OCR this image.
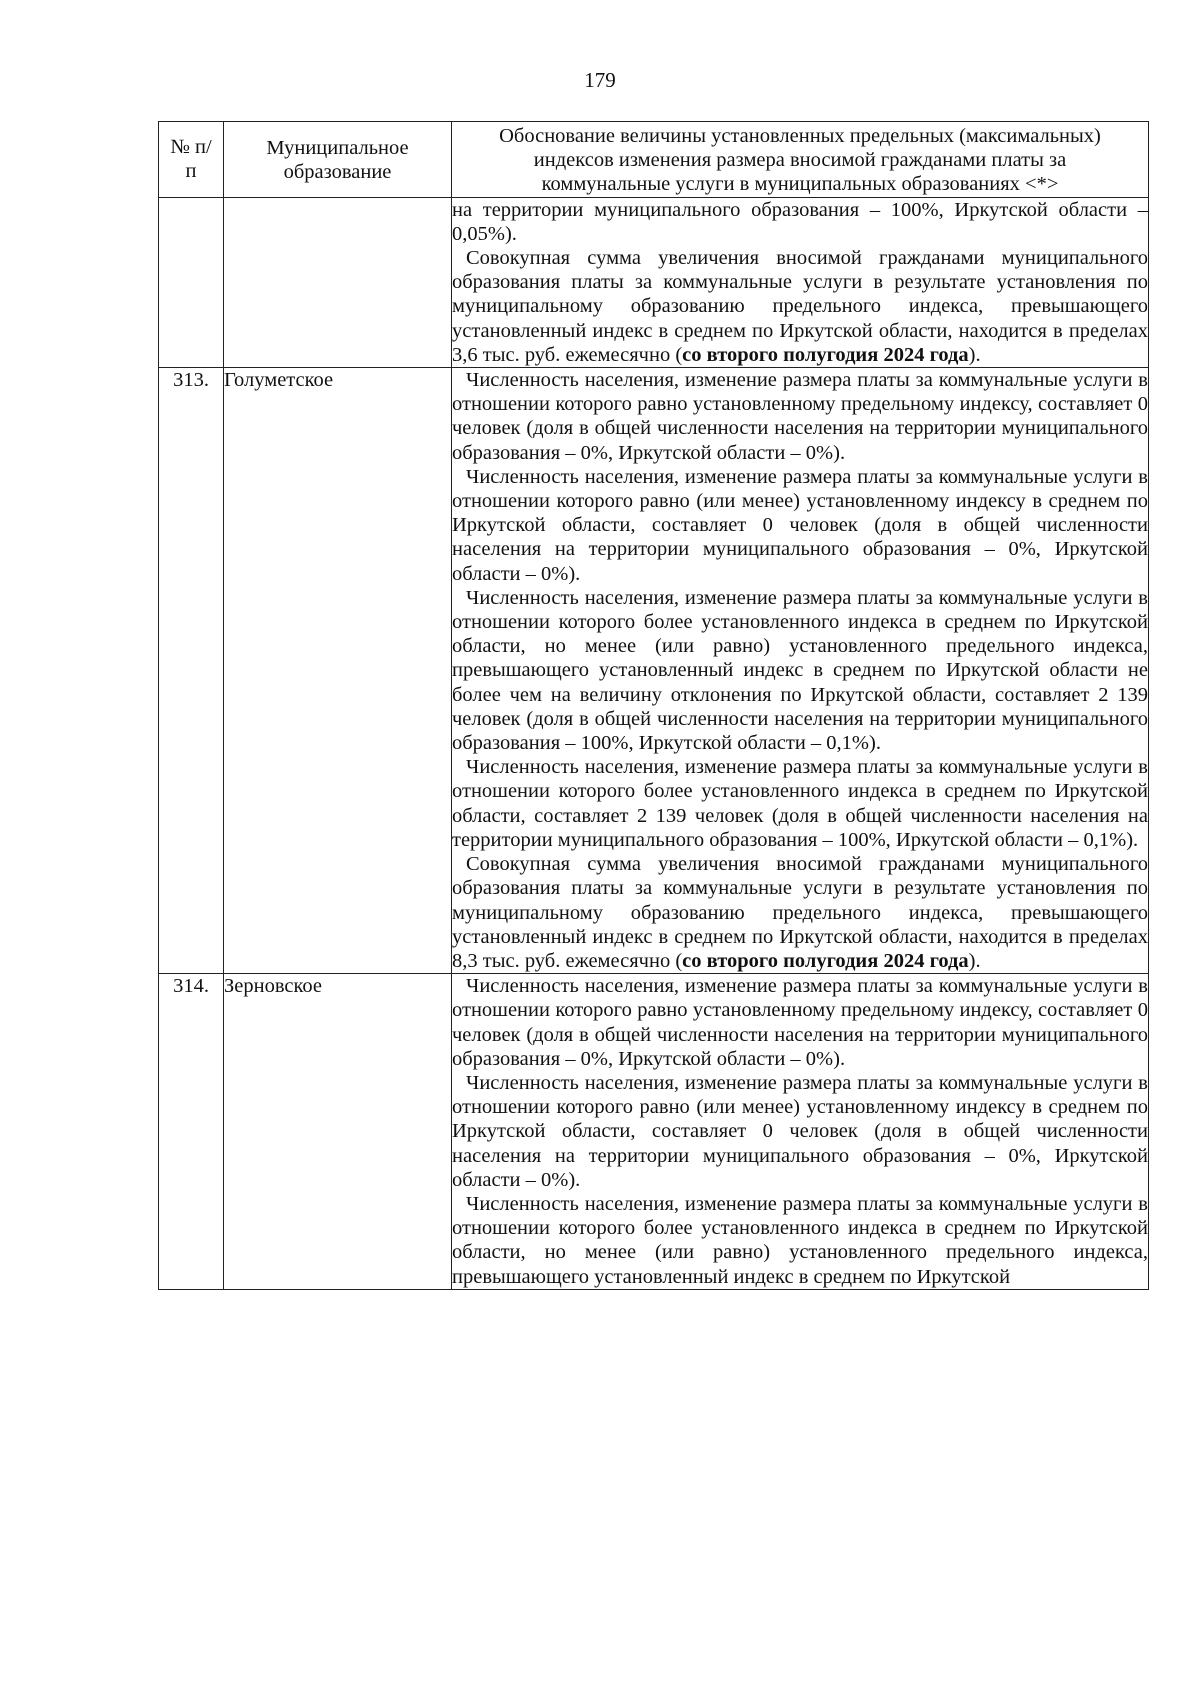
179
№ п/п	Муниципальное образование	Обоснование величины установленных предельных (максимальных) индексов изменения размера вносимой гражданами платы за коммунальные услуги в муниципальных образованиях <*>

		на территории муниципального образования – 100%, Иркутской области – 0,05%).

Совокупная сумма увеличения вносимой гражданами муниципального образования платы за коммунальные услуги в результате установления по муниципальному образованию предельного индекса, превышающего установленный индекс в среднем по Иркутской области, находится в пределах 3,6 тыс. руб. ежемесячно (со второго полугодия 2024 года).

313.	Голуметское	Численность населения, изменение размера платы за коммунальные услуги в отношении которого равно установленному предельному индексу, составляет 0 человек (доля в общей численности населения на территории муниципального образования – 0%, Иркутской области – 0%).

Численность населения, изменение размера платы за коммунальные услуги в отношении которого равно (или менее) установленному индексу в среднем по Иркутской области, составляет 0 человек (доля в общей численности населения на территории муниципального образования – 0%, Иркутской области – 0%).

Численность населения, изменение размера платы за коммунальные услуги в отношении которого более установленного индекса в среднем по Иркутской области, но менее (или равно) установленного предельного индекса, превышающего установленный индекс в среднем по Иркутской области не более чем на величину отклонения по Иркутской области, составляет 2 139 человек (доля в общей численности населения на территории муниципального образования – 100%, Иркутской области – 0,1%).

Численность населения, изменение размера платы за коммунальные услуги в отношении которого более установленного индекса в среднем по Иркутской области, составляет 2 139 человек (доля в общей численности населения на территории муниципального образования – 100%, Иркутской области – 0,1%).

Совокупная сумма увеличения вносимой гражданами муниципального образования платы за коммунальные услуги в результате установления по муниципальному образованию предельного индекса, превышающего установленный индекс в среднем по Иркутской области, находится в пределах 8,3 тыс. руб. ежемесячно (со второго полугодия 2024 года).

314.	Зерновское	Численность населения, изменение размера платы за коммунальные услуги в отношении которого равно установленному предельному индексу, составляет 0 человек (доля в общей численности населения на территории муниципального образования – 0%, Иркутской области – 0%).

Численность населения, изменение размера платы за коммунальные услуги в отношении которого равно (или менее) установленному индексу в среднем по Иркутской области, составляет 0 человек (доля в общей численности населения на территории муниципального образования – 0%, Иркутской области – 0%).

Численность населения, изменение размера платы за коммунальные услуги в отношении которого более установленного индекса в среднем по Иркутской области, но менее (или равно) установленного предельного индекса, превышающего установленный индекс в среднем по Иркутской
